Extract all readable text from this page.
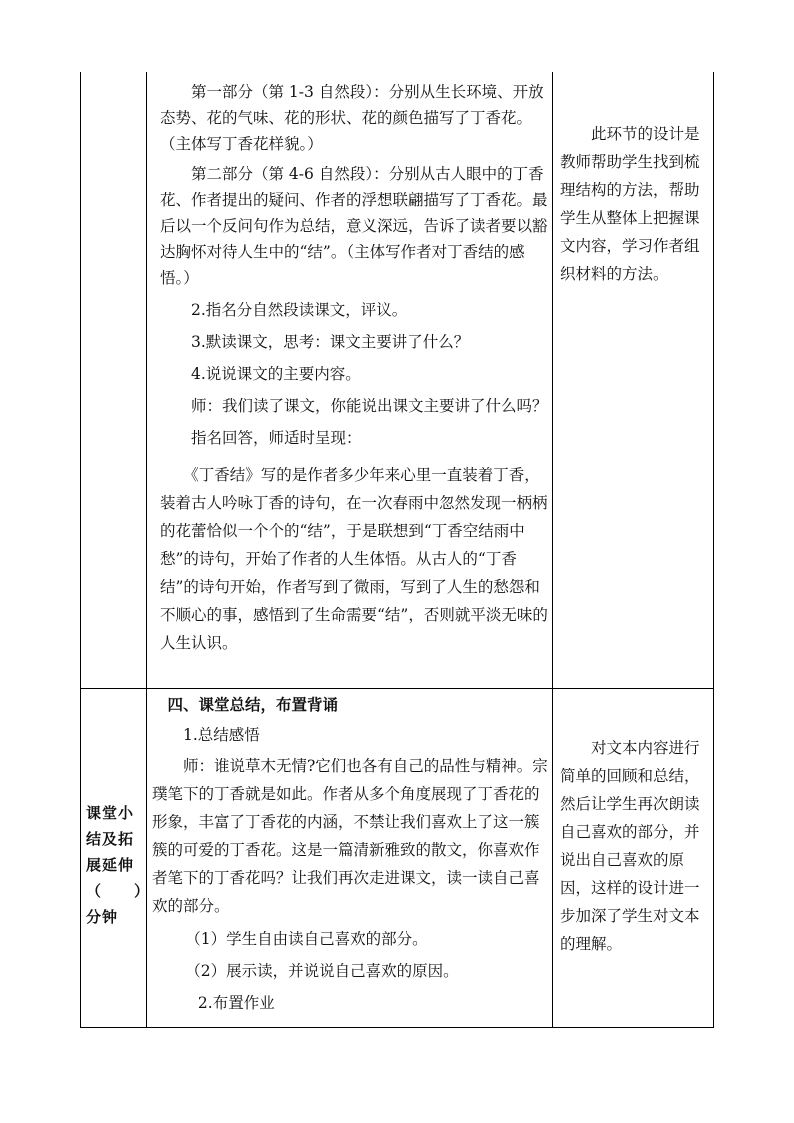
　　第一部分（第 1-3 自然段）：分别从生长环境、开放态势、花的气味、花的形状、花的颜色描写了丁香花。（主体写丁香花样貌。）

　　第二部分（第 4-6 自然段）：分别从古人眼中的丁香花、作者提出的疑问、作者的浮想联翩描写了丁香花。最后以一个反问句作为总结，意义深远，告诉了读者要以豁达胸怀对待人生中的“结”。（主体写作者对丁香结的感悟。）

　　2.指名分自然段读课文，评议。

　　3.默读课文，思考：课文主要讲了什么？

　　4.说说课文的主要内容。

　　师：我们读了课文，你能说出课文主要讲了什么吗？

　　指名回答，师适时呈现：

　　《丁香结》写的是作者多少年来心里一直装着丁香，装着古人吟咏丁香的诗句，在一次春雨中忽然发现一柄柄的花蕾恰似一个个的“结”，于是联想到“丁香空结雨中愁”的诗句，开始了作者的人生体悟。从古人的“丁香结”的诗句开始，作者写到了微雨，写到了人生的愁怨和不顺心的事，感悟到了生命需要“结”，否则就平淡无味的人生认识。

　　此环节的设计是教师帮助学生找到梳理结构的方法，帮助学生从整体上把握课文内容，学习作者组织材料的方法。

课堂小结及拓展延伸（　　）分钟

　四、课堂总结，布置背诵

　　1.总结感悟

　　师：谁说草木无情?它们也各有自己的品性与精神。宗璞笔下的丁香就是如此。作者从多个角度展现了丁香花的形象，丰富了丁香花的内涵，不禁让我们喜欢上了这一簇簇的可爱的丁香花。这是一篇清新雅致的散文，你喜欢作者笔下的丁香花吗？让我们再次走进课文，读一读自己喜欢的部分。

　　（1）学生自由读自己喜欢的部分。

　　（2）展示读，并说说自己喜欢的原因。

　　 2.布置作业

　　对文本内容进行简单的回顾和总结，然后让学生再次朗读自己喜欢的部分，并说出自己喜欢的原因，这样的设计进一步加深了学生对文本的理解。
